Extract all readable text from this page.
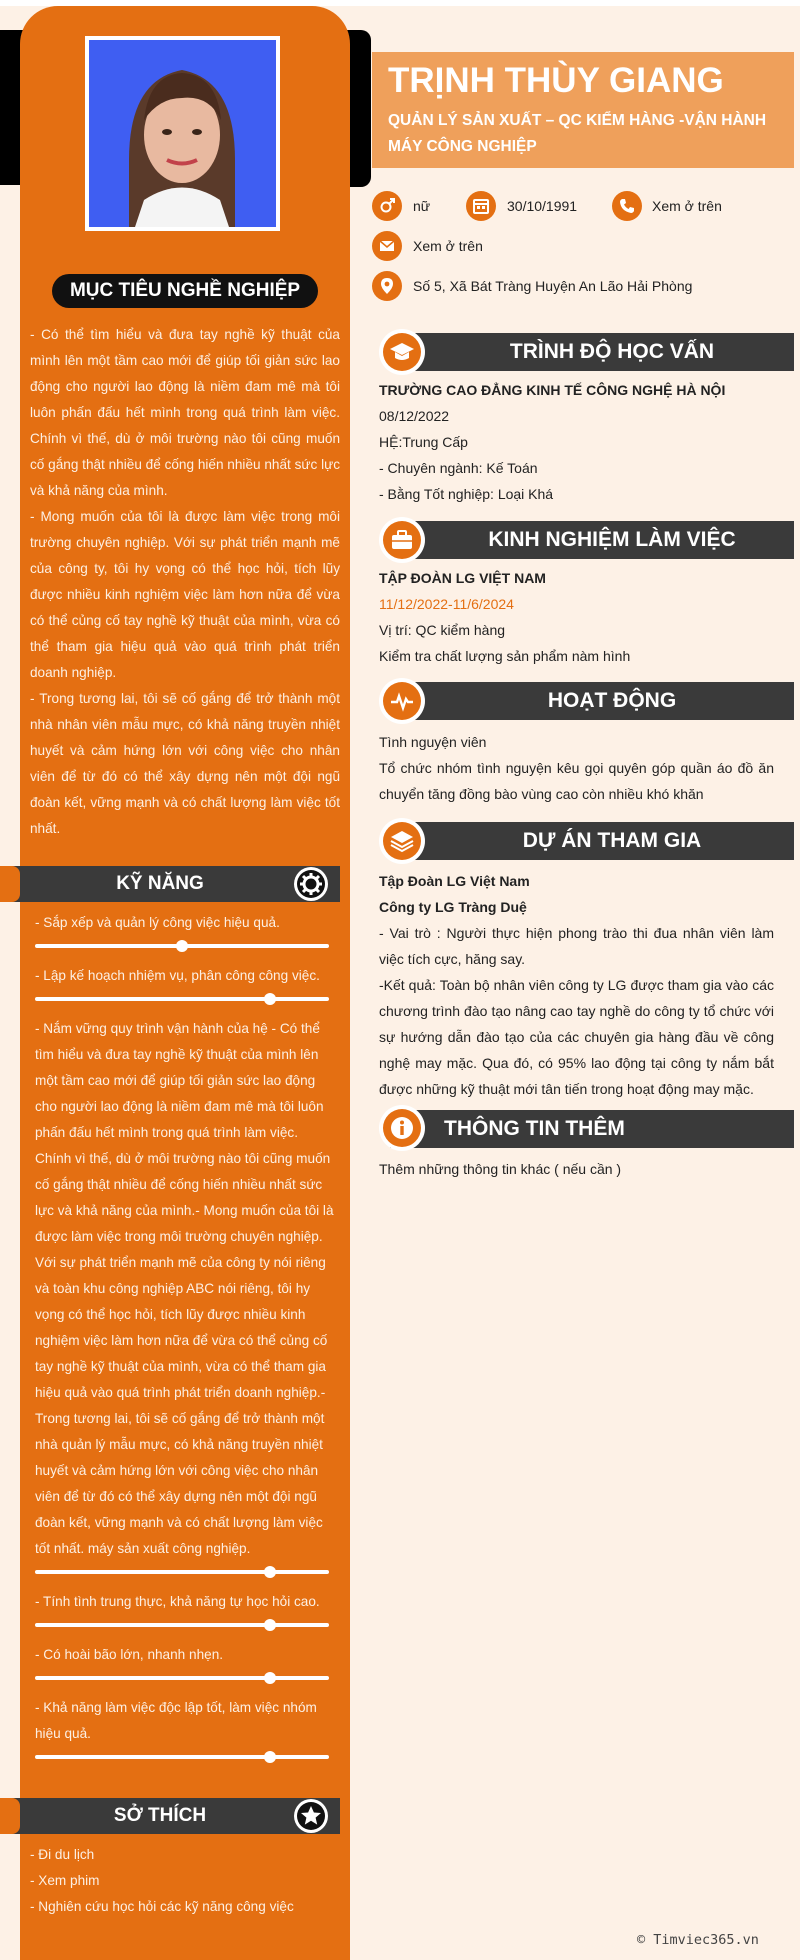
MỤC TIÊU NGHỀ NGHIỆP

- Có thể tìm hiểu và đưa tay nghề kỹ thuật của mình lên một tầm cao mới để giúp tối giản sức lao động cho người lao động là niềm đam mê mà tôi luôn phấn đấu hết mình trong quá trình làm việc. Chính vì thế, dù ở môi trường nào tôi cũng muốn cố gắng thật nhiều để cống hiến nhiều nhất sức lực và khả năng của mình.

- Mong muốn của tôi là được làm việc trong môi trường chuyên nghiệp. Với sự phát triển mạnh mẽ của công ty, tôi hy vọng có thể học hỏi, tích lũy được nhiều kinh nghiệm việc làm hơn nữa để vừa có thể củng cố tay nghề kỹ thuật của mình, vừa có thể tham gia hiệu quả vào quá trình phát triển doanh nghiệp.

- Trong tương lai, tôi sẽ cố gắng để trở thành một nhà nhân viên mẫu mực, có khả năng truyền nhiệt huyết và cảm hứng lớn với công việc cho nhân viên để từ đó có thể xây dựng nên một đội ngũ đoàn kết, vững mạnh và có chất lượng làm việc tốt nhất.

KỸ NĂNG

- Sắp xếp và quản lý công việc hiệu quả.

- Lập kế hoạch nhiệm vụ, phân công công việc.

- Nắm vững quy trình vận hành của hệ - Có thể tìm hiểu và đưa tay nghề kỹ thuật của mình lên một tầm cao mới để giúp tối giản sức lao động cho người lao động là niềm đam mê mà tôi luôn phấn đấu hết mình trong quá trình làm việc. Chính vì thế, dù ở môi trường nào tôi cũng muốn cố gắng thật nhiều để cống hiến nhiều nhất sức lực và khả năng của mình.- Mong muốn của tôi là được làm việc trong môi trường chuyên nghiệp. Với sự phát triển mạnh mẽ của công ty nói riêng và toàn khu công nghiệp ABC nói riêng, tôi hy vọng có thể học hỏi, tích lũy được nhiều kinh nghiệm việc làm hơn nữa để vừa có thể củng cố tay nghề kỹ thuật của mình, vừa có thể tham gia hiệu quả vào quá trình phát triển doanh nghiệp.- Trong tương lai, tôi sẽ cố gắng để trở thành một nhà quản lý mẫu mực, có khả năng truyền nhiệt huyết và cảm hứng lớn với công việc cho nhân viên để từ đó có thể xây dựng nên một đội ngũ đoàn kết, vững mạnh và có chất lượng làm việc tốt nhất. máy sản xuất công nghiệp.

- Tính tình trung thực, khả năng tự học hỏi cao.

- Có hoài bão lớn, nhanh nhẹn.

- Khả năng làm việc độc lập tốt, làm việc nhóm hiệu quả.

SỞ THÍCH
- Đi du lịch
- Xem phim
- Nghiên cứu học hỏi các kỹ năng công việc
TRỊNH THÙY GIANG
QUẢN LÝ SẢN XUẤT – QC KIỂM HÀNG -VẬN HÀNH MÁY CÔNG NGHIỆP
nữ	30/10/1991	Xem ở trên
Xem ở trên
Số 5, Xã Bát Tràng Huyện An Lão Hải Phòng
TRÌNH ĐỘ HỌC VẤN
TRƯỜNG CAO ĐẲNG KINH TẾ CÔNG NGHỆ HÀ NỘI
08/12/2022
HỆ:Trung Cấp
- Chuyên ngành: Kế Toán
- Bằng Tốt nghiệp: Loại Khá
KINH NGHIỆM LÀM VIỆC
TẬP ĐOÀN LG VIỆT NAM
11/12/2022-11/6/2024
Vị trí: QC kiểm hàng
Kiểm tra chất lượng sản phẩm nàm hình
HOẠT ĐỘNG
Tình nguyện viên
Tổ chức nhóm tình nguyện kêu gọi quyên góp quần áo đồ ăn chuyển tăng đồng bào vùng cao còn nhiều khó khăn
DỰ ÁN THAM GIA
Tập Đoàn LG Việt Nam
Công ty LG Tràng Duệ
- Vai trò : Người thực hiện phong trào thi đua nhân viên làm việc tích cực, hăng say.
-Kết quả: Toàn bộ nhân viên công ty LG được tham gia vào các chương trình đào tạo nâng cao tay nghề do công ty tổ chức với sự hướng dẫn đào tạo của các chuyên gia hàng đầu về công nghệ may mặc. Qua đó, có 95% lao động tại công ty nắm bắt được những kỹ thuật mới tân tiến trong hoạt động may mặc.
THÔNG TIN THÊM
Thêm những thông tin khác ( nếu cần )
© Timviec365.vn
